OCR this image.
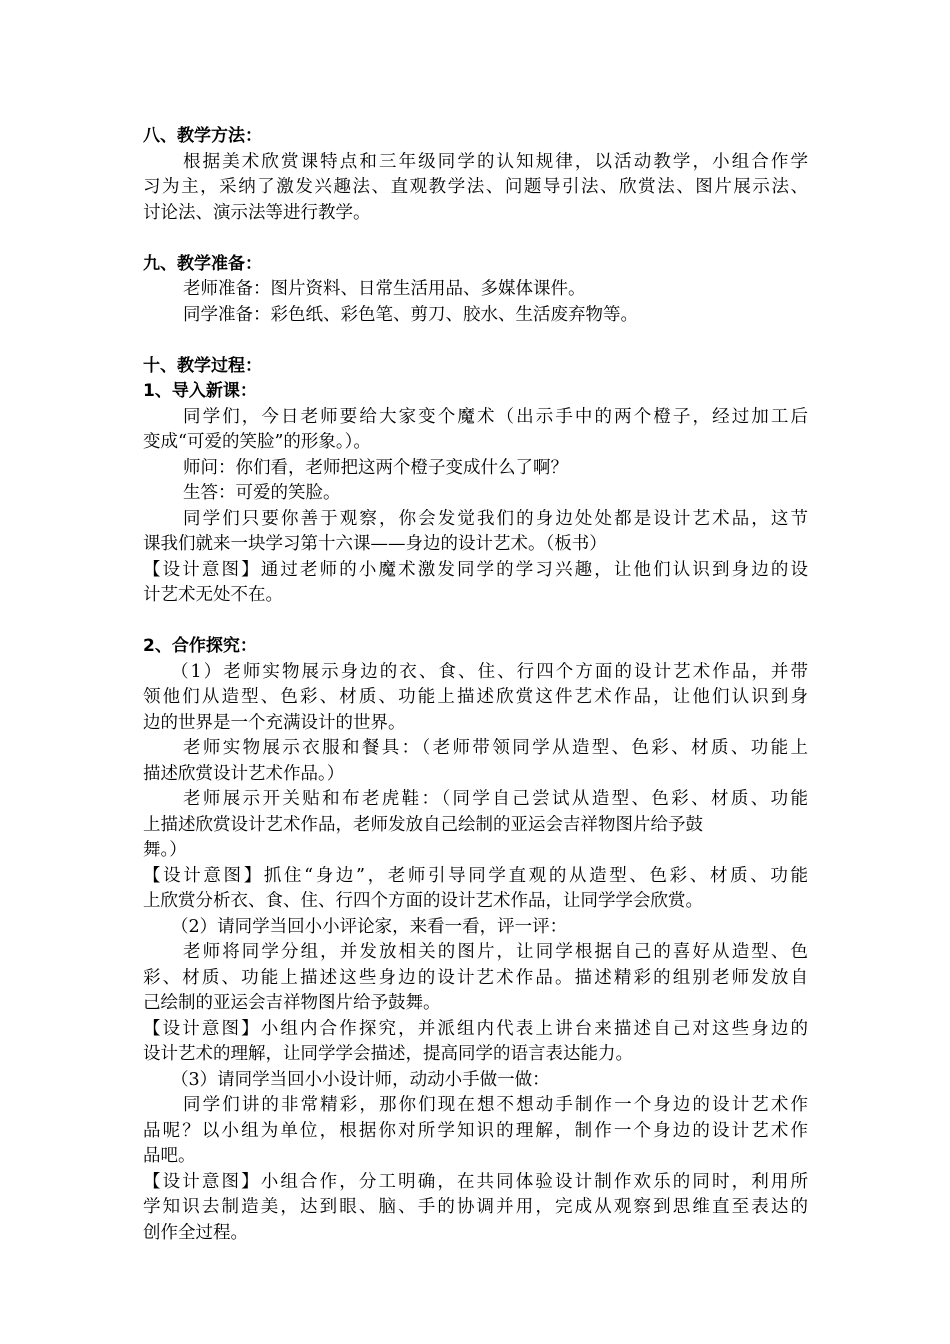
八、教学方法：
根据美术欣赏课特点和三年级同学的认知规律，以活动教学，小组合作学
习为主，采纳了激发兴趣法、直观教学法、问题导引法、欣赏法、图片展示法、
讨论法、演示法等进行教学。
九、教学准备：
老师准备：图片资料、日常生活用品、多媒体课件。
同学准备：彩色纸、彩色笔、剪刀、胶水、生活废弃物等。
十、教学过程：
1、导入新课：
同学们，今日老师要给大家变个魔术（出示手中的两个橙子，经过加工后
变成“可爱的笑脸”的形象。）。
师问：你们看，老师把这两个橙子变成什么了啊？
生答：可爱的笑脸。
同学们只要你善于观察，你会发觉我们的身边处处都是设计艺术品，这节
课我们就来一块学习第十六课——身边的设计艺术。（板书）
【设计意图】通过老师的小魔术激发同学的学习兴趣，让他们认识到身边的设
计艺术无处不在。
2、合作探究：
（1）老师实物展示身边的衣、食、住、行四个方面的设计艺术作品，并带
领他们从造型、色彩、材质、功能上描述欣赏这件艺术作品，让他们认识到身
边的世界是一个充满设计的世界。
老师实物展示衣服和餐具：（老师带领同学从造型、色彩、材质、功能上
描述欣赏设计艺术作品。）
老师展示开关贴和布老虎鞋：（同学自己尝试从造型、色彩、材质、功能
上描述欣赏设计艺术作品，老师发放自己绘制的亚运会吉祥物图片给予鼓
舞。）
【设计意图】抓住“身边”，老师引导同学直观的从造型、色彩、材质、功能
上欣赏分析衣、食、住、行四个方面的设计艺术作品，让同学学会欣赏。
（2）请同学当回小小评论家，来看一看，评一评：
老师将同学分组，并发放相关的图片，让同学根据自己的喜好从造型、色
彩、材质、功能上描述这些身边的设计艺术作品。描述精彩的组别老师发放自
己绘制的亚运会吉祥物图片给予鼓舞。
【设计意图】小组内合作探究，并派组内代表上讲台来描述自己对这些身边的
设计艺术的理解，让同学学会描述，提高同学的语言表达能力。
（3）请同学当回小小设计师，动动小手做一做：
同学们讲的非常精彩，那你们现在想不想动手制作一个身边的设计艺术作
品呢？以小组为单位，根据你对所学知识的理解，制作一个身边的设计艺术作
品吧。
【设计意图】小组合作，分工明确，在共同体验设计制作欢乐的同时，利用所
学知识去制造美，达到眼、脑、手的协调并用，完成从观察到思维直至表达的
创作全过程。
